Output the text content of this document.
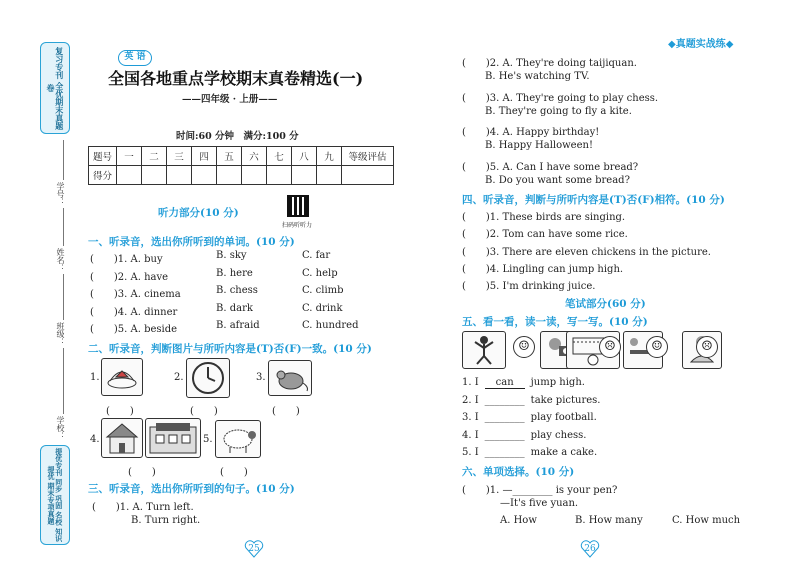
复习专刊 全优期末真题卷
学号：
姓名：
班级：
学校：
提优专刊 同步 巩固 名校 知识提优 期末专项真题
◆真题实战练◆
英 语
全国各地重点学校期末真卷精选(一)
——四年级 · 上册——
时间:60 分钟　满分:100 分
题号	一	二	三	四	五	六	七	八	九	等级评估
得分										
听力部分(10 分)
扫码听听力
一、听录音，选出你所听到的单词。(10 分)
(　　)1. A. buy	B. sky	C. far
(　　)2. A. have	B. here	C. help
(　　)3. A. cinema	B. chess	C. climb
(　　)4. A. dinner	B. dark	C. drink
(　　)5. A. beside	B. afraid	C. hundred
二、听录音，判断图片与所听内容是(T)否(F)一致。(10 分)
1.
(　　)
2.
(　　)
3.
(　　)
4.
(　　)
5.
(　　)
三、听录音，选出你所听到的句子。(10 分)
(　　)1. A. Turn left.
B. Turn right.
25
(　　)2. A. They're doing taijiquan.
B. He's watching TV.
(　　)3. A. They're going to play chess.
B. They're going to fly a kite.
(　　)4. A. Happy birthday!
B. Happy Halloween!
(　　)5. A. Can I have some bread?
B. Do you want some bread?
四、听录音，判断与所听内容是(T)否(F)相符。(10 分)
(　　)1. These birds are singing.
(　　)2. Tom can have some rice.
(　　)3. There are eleven chickens in the picture.
(　　)4. Lingling can jump high.
(　　)5. I'm drinking juice.
笔试部分(60 分)
五、看一看，读一读，写一写。(10 分)
☺	☹	☺	☹
1. I can jump high.
2. I ________ take pictures.
3. I ________ play football.
4. I ________ play chess.
5. I ________ make a cake.
六、单项选择。(10 分)
(　　)1. —________ is your pen?
—It's five yuan.
A. How	B. How many	C. How much
26
